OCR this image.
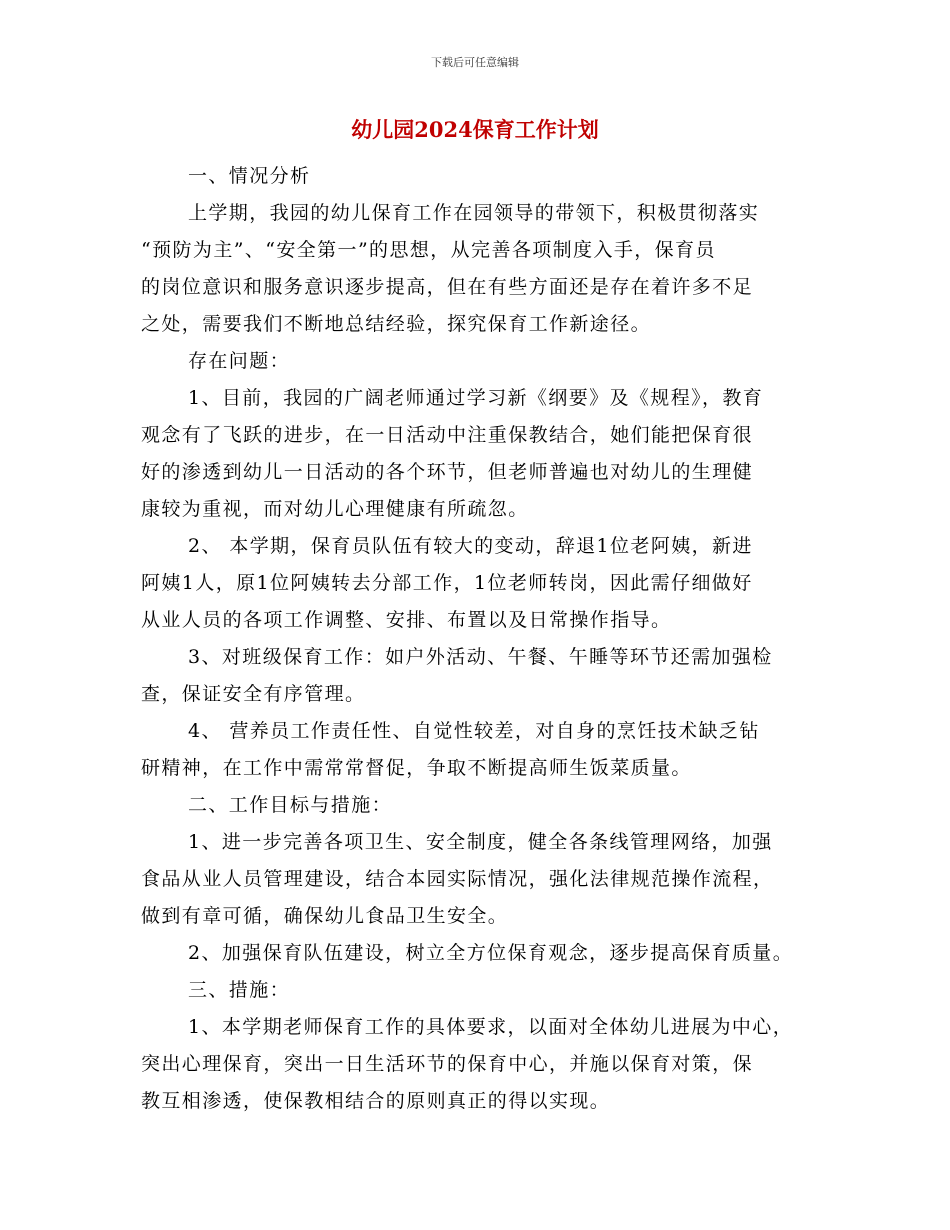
下载后可任意编辑
幼儿园2024保育工作计划

一、情况分析

上学期，我园的幼儿保育工作在园领导的带领下，积极贯彻落实

“预防为主”、“安全第一”的思想，从完善各项制度入手，保育员

的岗位意识和服务意识逐步提高，但在有些方面还是存在着许多不足

之处，需要我们不断地总结经验，探究保育工作新途径。

存在问题：

1、目前，我园的广阔老师通过学习新《纲要》及《规程》，教育

观念有了飞跃的进步，在一日活动中注重保教结合，她们能把保育很

好的渗透到幼儿一日活动的各个环节，但老师普遍也对幼儿的生理健

康较为重视，而对幼儿心理健康有所疏忽。

2、 本学期，保育员队伍有较大的变动，辞退1位老阿姨，新进

阿姨1人，原1位阿姨转去分部工作，1位老师转岗，因此需仔细做好

从业人员的各项工作调整、安排、布置以及日常操作指导。

3、对班级保育工作：如户外活动、午餐、午睡等环节还需加强检

查，保证安全有序管理。

4、 营养员工作责任性、自觉性较差，对自身的烹饪技术缺乏钻

研精神，在工作中需常常督促，争取不断提高师生饭菜质量。

二、工作目标与措施：

1、进一步完善各项卫生、安全制度，健全各条线管理网络，加强

食品从业人员管理建设，结合本园实际情况，强化法律规范操作流程，

做到有章可循，确保幼儿食品卫生安全。

2、加强保育队伍建设，树立全方位保育观念，逐步提高保育质量。

三、措施：

1、本学期老师保育工作的具体要求，以面对全体幼儿进展为中心，

突出心理保育，突出一日生活环节的保育中心，并施以保育对策，保

教互相渗透，使保教相结合的原则真正的得以实现。
